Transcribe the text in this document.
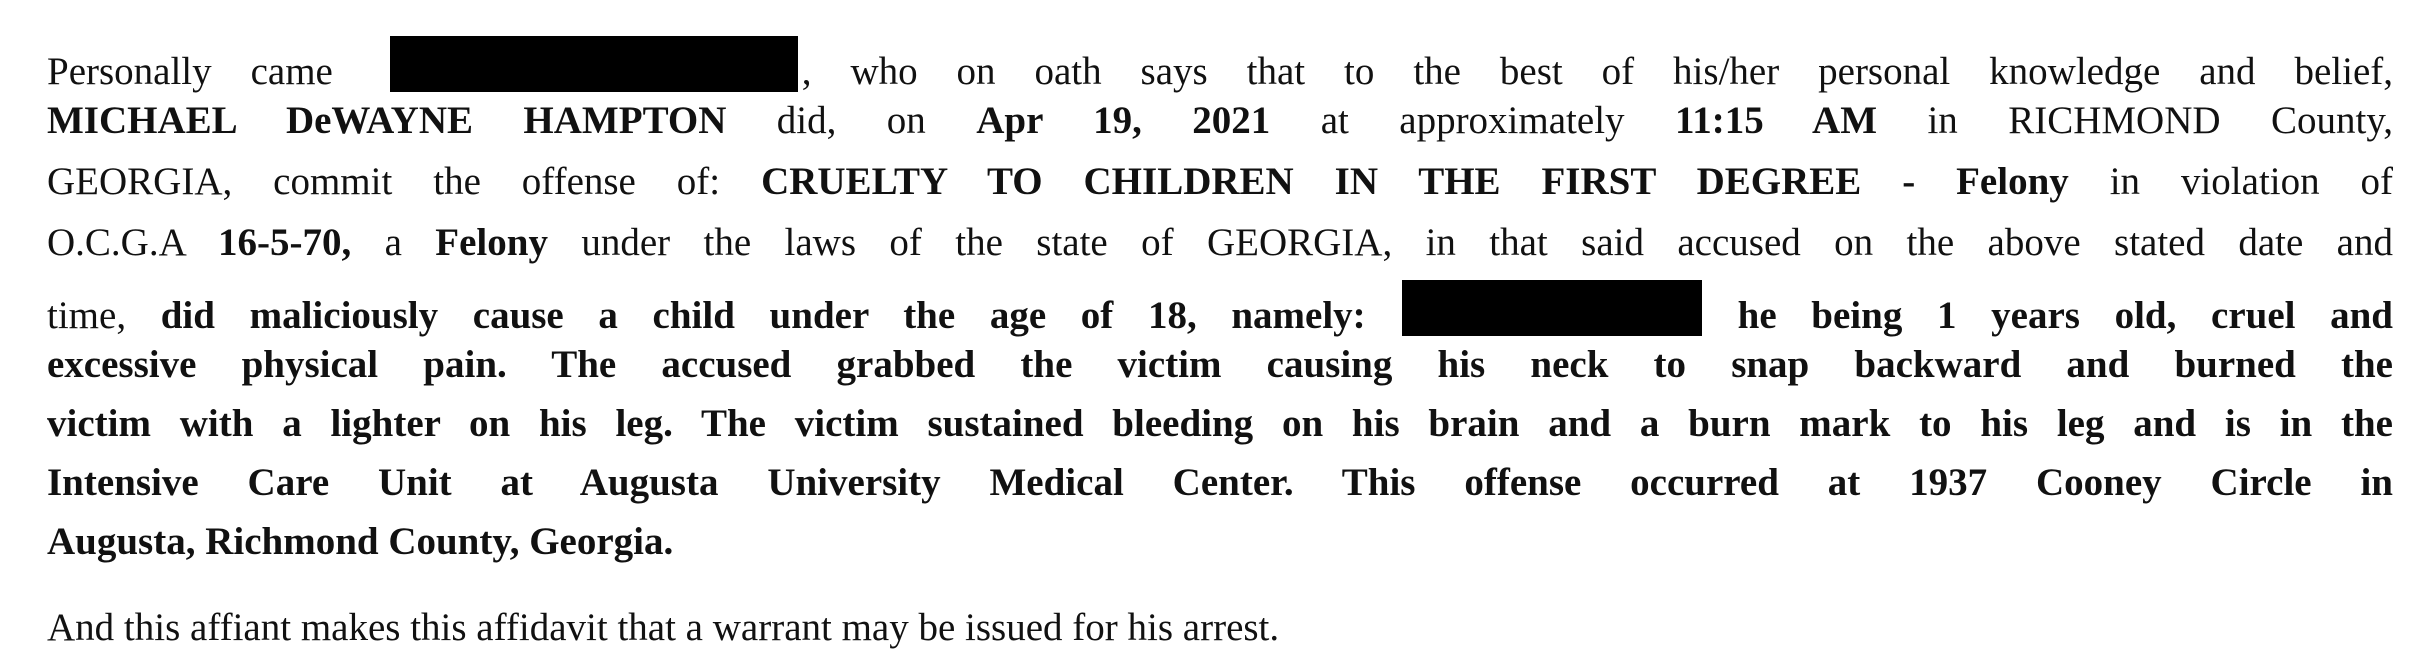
Personally came	, who on oath says that to the best of his/her personal knowledge and belief,
MICHAEL DeWAYNE HAMPTON did, on Apr 19, 2021 at approximately 11:15 AM in RICHMOND County,
GEORGIA, commit the offense of: CRUELTY TO CHILDREN IN THE FIRST DEGREE - Felony in violation of
O.C.G.A 16-5-70, a Felony under the laws of the state of GEORGIA, in that said accused on the above stated date and
time, did maliciously cause a child under the age of 18, namely:	he being 1 years old, cruel and
excessive physical pain. The accused grabbed the victim causing his neck to snap backward and burned the
victim with a lighter on his leg. The victim sustained bleeding on his brain and a burn mark to his leg and is in the
Intensive Care Unit at Augusta University Medical Center. This offense occurred at 1937 Cooney Circle in
Augusta, Richmond County, Georgia.
And this affiant makes this affidavit that a warrant may be issued for his arrest.
